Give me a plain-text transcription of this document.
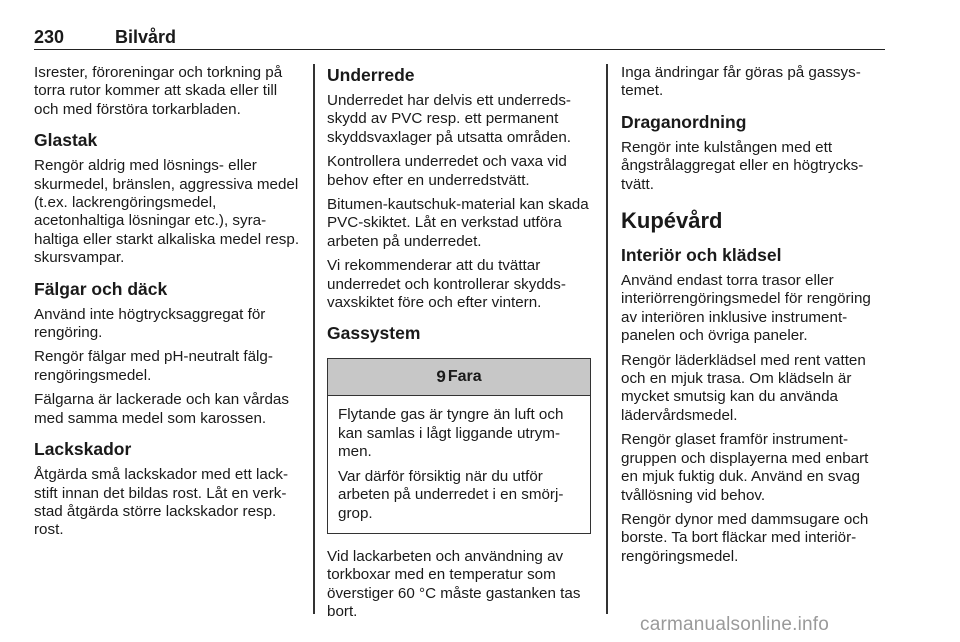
230	Bilvård

Isrester, föroreningar och torkning på torra rutor kommer att skada eller till och med förstöra torkarbladen.

Glastak

Rengör aldrig med lösnings- eller skurmedel, bränslen, aggressiva medel (t.ex. lackrengöringsmedel, acetonhaltiga lösningar etc.), syra-haltiga eller starkt alkaliska medel resp. skursvampar.

Fälgar och däck

Använd inte högtrycksaggregat för rengöring.

Rengör fälgar med pH-neutralt fälg-rengöringsmedel.

Fälgarna är lackerade och kan vårdas med samma medel som karossen.

Lackskador

Åtgärda små lackskador med ett lack-stift innan det bildas rost. Låt en verk-stad åtgärda större lackskador resp. rost.

Underrede

Underredet har delvis ett underreds-skydd av PVC resp. ett permanent skyddsvaxlager på utsatta områden.

Kontrollera underredet och vaxa vid behov efter en underredstvätt.

Bitumen-kautschuk-material kan skada PVC-skiktet. Låt en verkstad utföra arbeten på underredet.

Vi rekommenderar att du tvättar underredet och kontrollerar skydds-vaxskiktet före och efter vintern.

Gassystem
9 Fara

Flytande gas är tyngre än luft och kan samlas i lågt liggande utrym-men.

Var därför försiktig när du utför arbeten på underredet i en smörj-grop.

Vid lackarbeten och användning av torkboxar med en temperatur som överstiger 60 °C måste gastanken tas bort.

Inga ändringar får göras på gassys-temet.

Draganordning

Rengör inte kulstången med ett ångstrålaggregat eller en högtrycks-tvätt.

Kupévård
Interiör och klädsel

Använd endast torra trasor eller interiörrengöringsmedel för rengöring av interiören inklusive instrument-panelen och övriga paneler.

Rengör läderklädsel med rent vatten och en mjuk trasa. Om klädseln är mycket smutsig kan du använda lädervårdsmedel.

Rengör glaset framför instrument-gruppen och displayerna med enbart en mjuk fuktig duk. Använd en svag tvållösning vid behov.

Rengör dynor med dammsugare och borste. Ta bort fläckar med interiör-rengöringsmedel.

carmanualsonline.info
